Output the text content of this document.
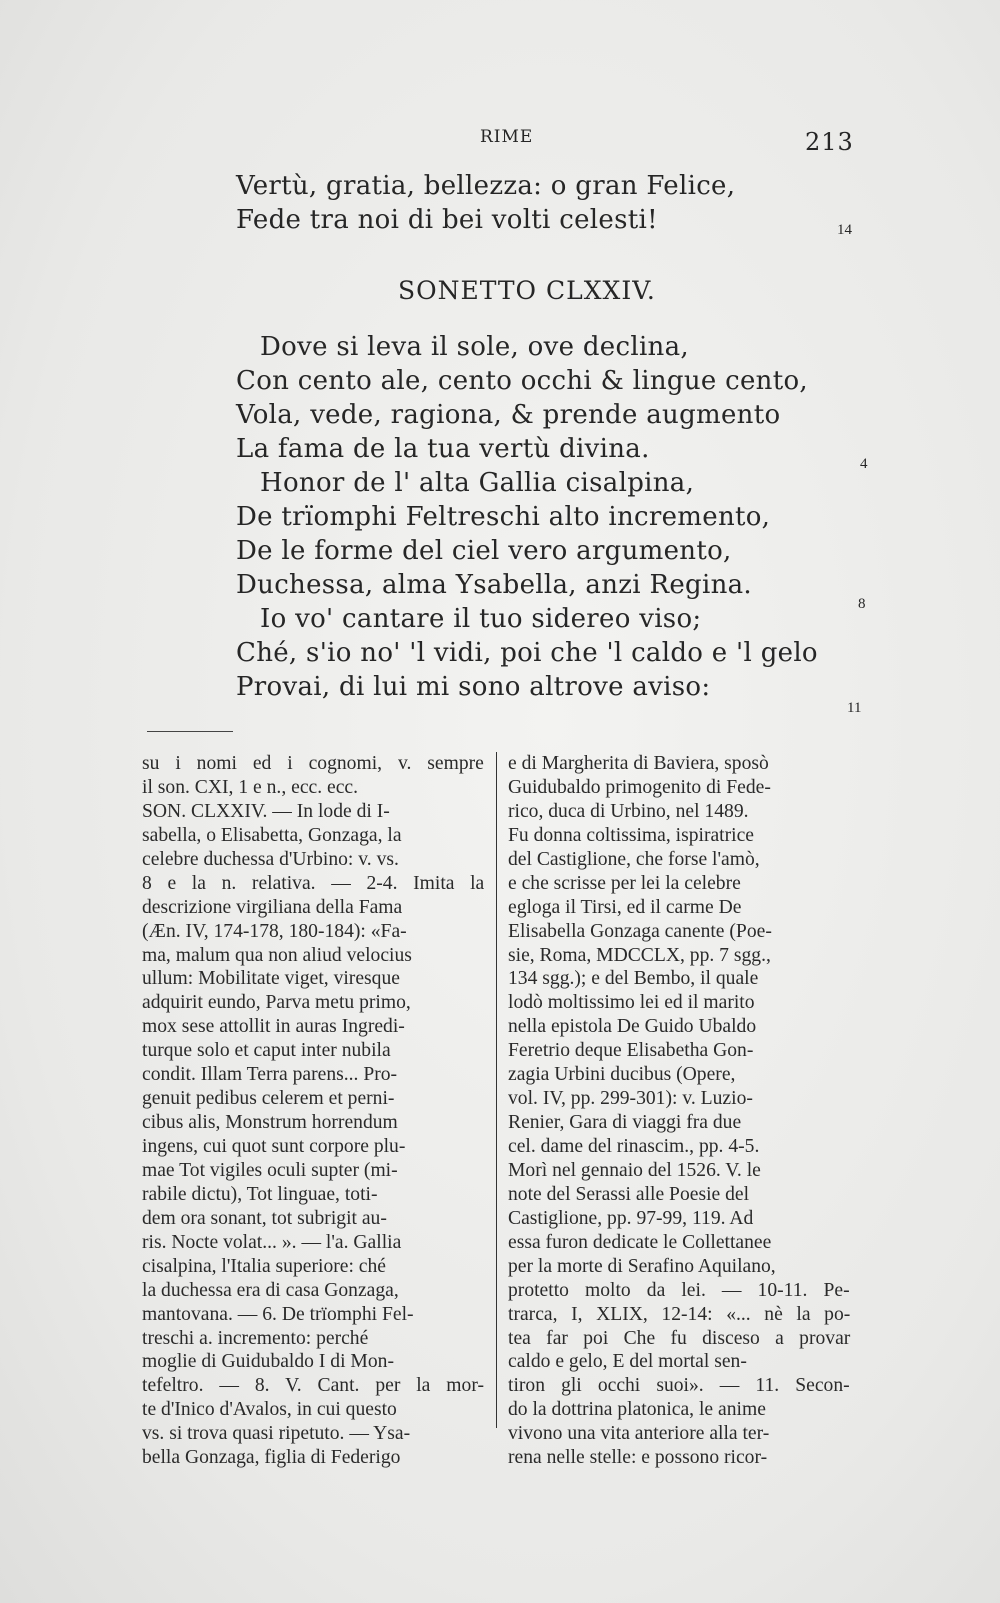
RIME	213
Vertù, gratia, bellezza: o gran Felice,
Fede tra noi di bei volti celesti!	14
SONETTO CLXXIV.
Dove si leva il sole, ove declina,
Con cento ale, cento occhi & lingue cento,
Vola, vede, ragiona, & prende augmento
La fama de la tua vertù divina.
Honor de l' alta Gallia cisalpina,
De trïomphi Feltreschi alto incremento,
De le forme del ciel vero argumento,
Duchessa, alma Ysabella, anzi Regina.
Io vo' cantare il tuo sidereo viso;
Ché, s'io no' 'l vidi, poi che 'l caldo e 'l gelo
Provai, di lui mi sono altrove aviso:
4
8
11
su i nomi ed i cognomi, v. sempre
il son. CXI, 1 e n., ecc. ecc.
SON. CLXXIV. — In lode di I-
sabella, o Elisabetta, Gonzaga, la
celebre duchessa d'Urbino: v. vs.
8 e la n. relativa. — 2-4. Imita la
descrizione virgiliana della Fama
(Æn. IV, 174-178, 180-184): «Fa-
ma, malum qua non aliud velocius
ullum: Mobilitate viget, viresque
adquirit eundo, Parva metu primo,
mox sese attollit in auras Ingredi-
turque solo et caput inter nubila
condit. Illam Terra parens... Pro-
genuit pedibus celerem et perni-
cibus alis, Monstrum horrendum
ingens, cui quot sunt corpore plu-
mae Tot vigiles oculi supter (mi-
rabile dictu), Tot linguae, toti-
dem ora sonant, tot subrigit au-
ris. Nocte volat... ». — l'a. Gallia
cisalpina, l'Italia superiore: ché
la duchessa era di casa Gonzaga,
mantovana. — 6. De trïomphi Fel-
treschi a. incremento: perché
moglie di Guidubaldo I di Mon-
tefeltro. — 8. V. Cant. per la mor-
te d'Inico d'Avalos, in cui questo
vs. si trova quasi ripetuto. — Ysa-
bella Gonzaga, figlia di Federigo
e di Margherita di Baviera, sposò
Guidubaldo primogenito di Fede-
rico, duca di Urbino, nel 1489.
Fu donna coltissima, ispiratrice
del Castiglione, che forse l'amò,
e che scrisse per lei la celebre
egloga il Tirsi, ed il carme De
Elisabella Gonzaga canente (Poe-
sie, Roma, MDCCLX, pp. 7 sgg.,
134 sgg.); e del Bembo, il quale
lodò moltissimo lei ed il marito
nella epistola De Guido Ubaldo
Feretrio deque Elisabetha Gon-
zagia Urbini ducibus (Opere,
vol. IV, pp. 299-301): v. Luzio-
Renier, Gara di viaggi fra due
cel. dame del rinascim., pp. 4-5.
Morì nel gennaio del 1526. V. le
note del Serassi alle Poesie del
Castiglione, pp. 97-99, 119. Ad
essa furon dedicate le Collettanee
per la morte di Serafino Aquilano,
protetto molto da lei. — 10-11. Pe-
trarca, I, XLIX, 12-14: «... nè la po-
tea far poi Che fu disceso a provar
caldo e gelo, E del mortal sen-
tiron gli occhi suoi». — 11. Secon-
do la dottrina platonica, le anime
vivono una vita anteriore alla ter-
rena nelle stelle: e possono ricor-
